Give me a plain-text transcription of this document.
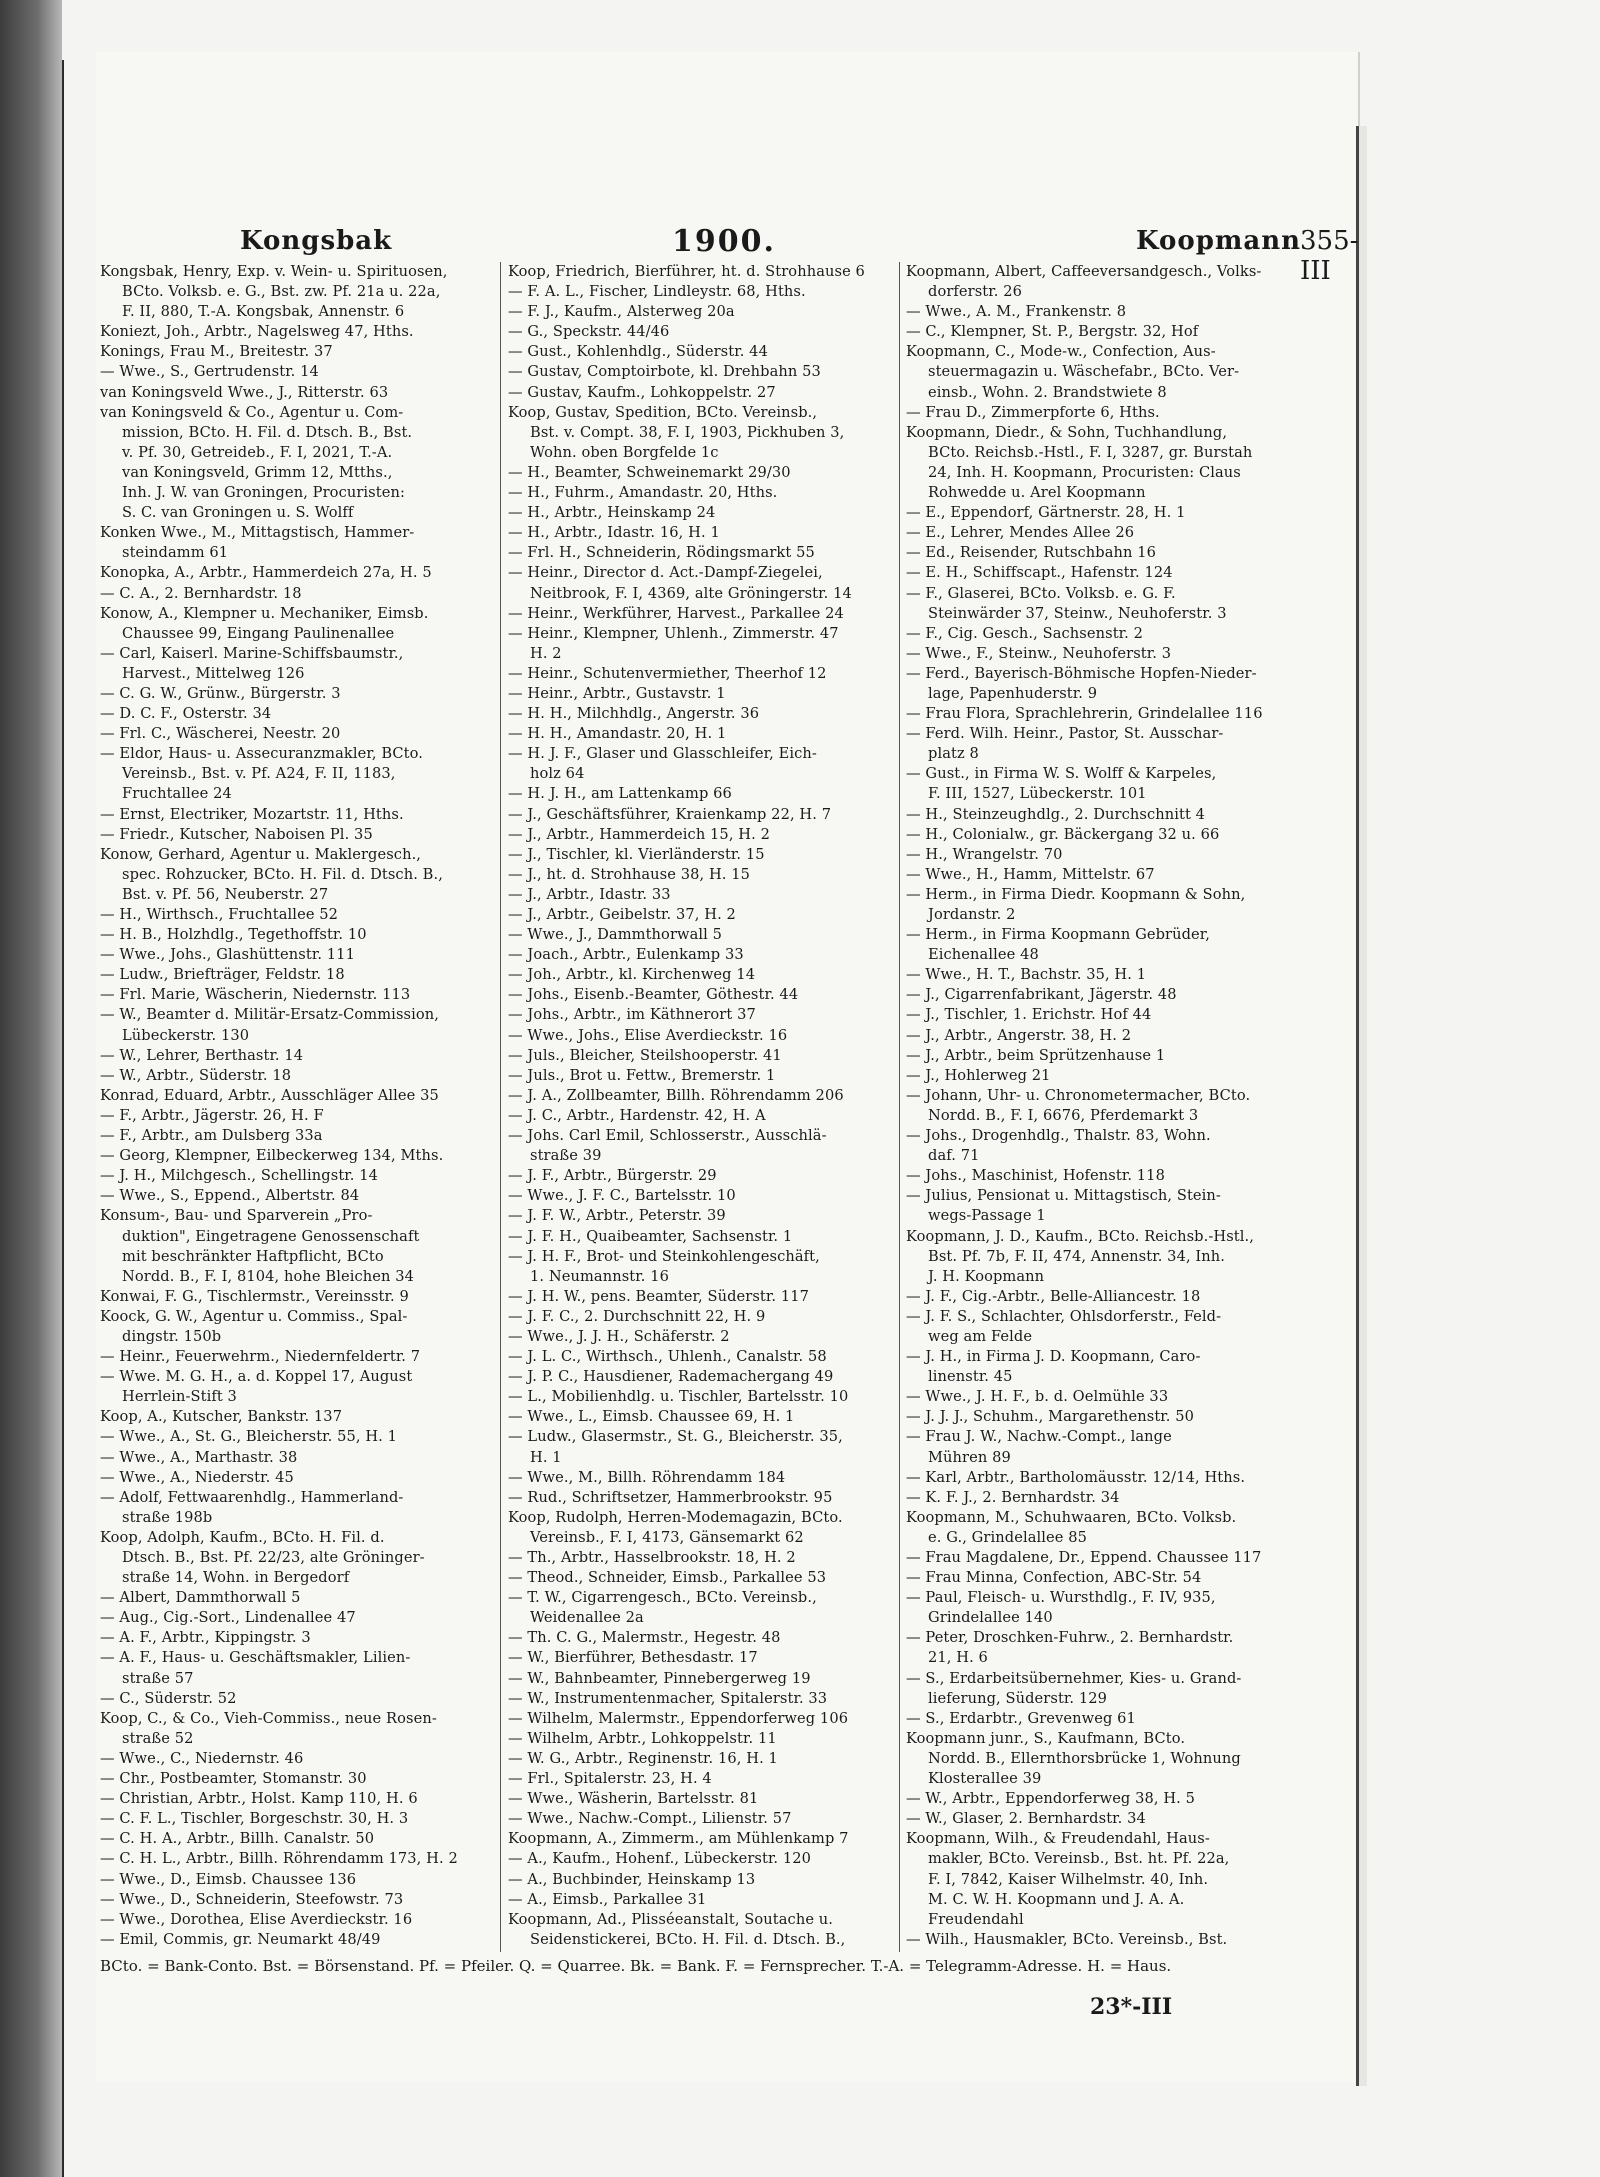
Kongsbak	1900.	Koopmann
355-III
Kongsbak, Henry, Exp. v. Wein- u. Spirituosen,
BCto. Volksb. e. G., Bst. zw. Pf. 21a u. 22a,
F. II, 880, T.-A. Kongsbak, Annenstr. 6
Koniezt, Joh., Arbtr., Nagelsweg 47, Hths.
Konings, Frau M., Breitestr. 37
— Wwe., S., Gertrudenstr. 14
van Koningsveld Wwe., J., Ritterstr. 63
van Koningsveld & Co., Agentur u. Com-
mission, BCto. H. Fil. d. Dtsch. B., Bst.
v. Pf. 30, Getreideb., F. I, 2021, T.-A.
van Koningsveld, Grimm 12, Mtths.,
Inh. J. W. van Groningen, Procuristen:
S. C. van Groningen u. S. Wolff
Konken Wwe., M., Mittagstisch, Hammer-
steindamm 61
Konopka, A., Arbtr., Hammerdeich 27a, H. 5
— C. A., 2. Bernhardstr. 18
Konow, A., Klempner u. Mechaniker, Eimsb.
Chaussee 99, Eingang Paulinenallee
— Carl, Kaiserl. Marine-Schiffsbaumstr.,
Harvest., Mittelweg 126
— C. G. W., Grünw., Bürgerstr. 3
— D. C. F., Osterstr. 34
— Frl. C., Wäscherei, Neestr. 20
— Eldor, Haus- u. Assecuranzmakler, BCto.
Vereinsb., Bst. v. Pf. A24, F. II, 1183,
Fruchtallee 24
— Ernst, Electriker, Mozartstr. 11, Hths.
— Friedr., Kutscher, Naboisen Pl. 35
Konow, Gerhard, Agentur u. Maklergesch.,
spec. Rohzucker, BCto. H. Fil. d. Dtsch. B.,
Bst. v. Pf. 56, Neuberstr. 27
— H., Wirthsch., Fruchtallee 52
— H. B., Holzhdlg., Tegethoffstr. 10
— Wwe., Johs., Glashüttenstr. 111
— Ludw., Briefträger, Feldstr. 18
— Frl. Marie, Wäscherin, Niedernstr. 113
— W., Beamter d. Militär-Ersatz-Commission,
Lübeckerstr. 130
— W., Lehrer, Berthastr. 14
— W., Arbtr., Süderstr. 18
Konrad, Eduard, Arbtr., Ausschläger Allee 35
— F., Arbtr., Jägerstr. 26, H. F
— F., Arbtr., am Dulsberg 33a
— Georg, Klempner, Eilbeckerweg 134, Mths.
— J. H., Milchgesch., Schellingstr. 14
— Wwe., S., Eppend., Albertstr. 84
Konsum-, Bau- und Sparverein „Pro-
duktion", Eingetragene Genossenschaft
mit beschränkter Haftpflicht, BCto
Nordd. B., F. I, 8104, hohe Bleichen 34
Konwai, F. G., Tischlermstr., Vereinsstr. 9
Koock, G. W., Agentur u. Commiss., Spal-
dingstr. 150b
— Heinr., Feuerwehrm., Niedernfeldertr. 7
— Wwe. M. G. H., a. d. Koppel 17, August
Herrlein-Stift 3
Koop, A., Kutscher, Bankstr. 137
— Wwe., A., St. G., Bleicherstr. 55, H. 1
— Wwe., A., Marthastr. 38
— Wwe., A., Niederstr. 45
— Adolf, Fettwaarenhdlg., Hammerland-
straße 198b
Koop, Adolph, Kaufm., BCto. H. Fil. d.
Dtsch. B., Bst. Pf. 22/23, alte Gröninger-
straße 14, Wohn. in Bergedorf
— Albert, Dammthorwall 5
— Aug., Cig.-Sort., Lindenallee 47
— A. F., Arbtr., Kippingstr. 3
— A. F., Haus- u. Geschäftsmakler, Lilien-
straße 57
— C., Süderstr. 52
Koop, C., & Co., Vieh-Commiss., neue Rosen-
straße 52
— Wwe., C., Niedernstr. 46
— Chr., Postbeamter, Stomanstr. 30
— Christian, Arbtr., Holst. Kamp 110, H. 6
— C. F. L., Tischler, Borgeschstr. 30, H. 3
— C. H. A., Arbtr., Billh. Canalstr. 50
— C. H. L., Arbtr., Billh. Röhrendamm 173, H. 2
— Wwe., D., Eimsb. Chaussee 136
— Wwe., D., Schneiderin, Steefowstr. 73
— Wwe., Dorothea, Elise Averdieckstr. 16
— Emil, Commis, gr. Neumarkt 48/49
Koop, Friedrich, Bierführer, ht. d. Strohhause 6
— F. A. L., Fischer, Lindleystr. 68, Hths.
— F. J., Kaufm., Alsterweg 20a
— G., Speckstr. 44/46
— Gust., Kohlenhdlg., Süderstr. 44
— Gustav, Comptoirbote, kl. Drehbahn 53
— Gustav, Kaufm., Lohkoppelstr. 27
Koop, Gustav, Spedition, BCto. Vereinsb.,
Bst. v. Compt. 38, F. I, 1903, Pickhuben 3,
Wohn. oben Borgfelde 1c
— H., Beamter, Schweinemarkt 29/30
— H., Fuhrm., Amandastr. 20, Hths.
— H., Arbtr., Heinskamp 24
— H., Arbtr., Idastr. 16, H. 1
— Frl. H., Schneiderin, Rödingsmarkt 55
— Heinr., Director d. Act.-Dampf-Ziegelei,
Neitbrook, F. I, 4369, alte Gröningerstr. 14
— Heinr., Werkführer, Harvest., Parkallee 24
— Heinr., Klempner, Uhlenh., Zimmerstr. 47
H. 2
— Heinr., Schutenvermiether, Theerhof 12
— Heinr., Arbtr., Gustavstr. 1
— H. H., Milchhdlg., Angerstr. 36
— H. H., Amandastr. 20, H. 1
— H. J. F., Glaser und Glasschleifer, Eich-
holz 64
— H. J. H., am Lattenkamp 66
— J., Geschäftsführer, Kraienkamp 22, H. 7
— J., Arbtr., Hammerdeich 15, H. 2
— J., Tischler, kl. Vierländerstr. 15
— J., ht. d. Strohhause 38, H. 15
— J., Arbtr., Idastr. 33
— J., Arbtr., Geibelstr. 37, H. 2
— Wwe., J., Dammthorwall 5
— Joach., Arbtr., Eulenkamp 33
— Joh., Arbtr., kl. Kirchenweg 14
— Johs., Eisenb.-Beamter, Göthestr. 44
— Johs., Arbtr., im Käthnerort 37
— Wwe., Johs., Elise Averdieckstr. 16
— Juls., Bleicher, Steilshooperstr. 41
— Juls., Brot u. Fettw., Bremerstr. 1
— J. A., Zollbeamter, Billh. Röhrendamm 206
— J. C., Arbtr., Hardenstr. 42, H. A
— Johs. Carl Emil, Schlosserstr., Ausschlä-
straße 39
— J. F., Arbtr., Bürgerstr. 29
— Wwe., J. F. C., Bartelsstr. 10
— J. F. W., Arbtr., Peterstr. 39
— J. F. H., Quaibeamter, Sachsenstr. 1
— J. H. F., Brot- und Steinkohlengeschäft,
1. Neumannstr. 16
— J. H. W., pens. Beamter, Süderstr. 117
— J. F. C., 2. Durchschnitt 22, H. 9
— Wwe., J. J. H., Schäferstr. 2
— J. L. C., Wirthsch., Uhlenh., Canalstr. 58
— J. P. C., Hausdiener, Rademachergang 49
— L., Mobilienhdlg. u. Tischler, Bartelsstr. 10
— Wwe., L., Eimsb. Chaussee 69, H. 1
— Ludw., Glasermstr., St. G., Bleicherstr. 35,
H. 1
— Wwe., M., Billh. Röhrendamm 184
— Rud., Schriftsetzer, Hammerbrookstr. 95
Koop, Rudolph, Herren-Modemagazin, BCto.
Vereinsb., F. I, 4173, Gänsemarkt 62
— Th., Arbtr., Hasselbrookstr. 18, H. 2
— Theod., Schneider, Eimsb., Parkallee 53
— T. W., Cigarrengesch., BCto. Vereinsb.,
Weidenallee 2a
— Th. C. G., Malermstr., Hegestr. 48
— W., Bierführer, Bethesdastr. 17
— W., Bahnbeamter, Pinnebergerweg 19
— W., Instrumentenmacher, Spitalerstr. 33
— Wilhelm, Malermstr., Eppendorferweg 106
— Wilhelm, Arbtr., Lohkoppelstr. 11
— W. G., Arbtr., Reginenstr. 16, H. 1
— Frl., Spitalerstr. 23, H. 4
— Wwe., Wäsherin, Bartelsstr. 81
— Wwe., Nachw.-Compt., Lilienstr. 57
Koopmann, A., Zimmerm., am Mühlenkamp 7
— A., Kaufm., Hohenf., Lübeckerstr. 120
— A., Buchbinder, Heinskamp 13
— A., Eimsb., Parkallee 31
Koopmann, Ad., Plisséeanstalt, Soutache u.
Seidenstickerei, BCto. H. Fil. d. Dtsch. B.,
Koopmann, Albert, Caffeeversandgesch., Volks-
dorferstr. 26
— Wwe., A. M., Frankenstr. 8
— C., Klempner, St. P., Bergstr. 32, Hof
Koopmann, C., Mode-w., Confection, Aus-
steuermagazin u. Wäschefabr., BCto. Ver-
einsb., Wohn. 2. Brandstwiete 8
— Frau D., Zimmerpforte 6, Hths.
Koopmann, Diedr., & Sohn, Tuchhandlung,
BCto. Reichsb.-Hstl., F. I, 3287, gr. Burstah
24, Inh. H. Koopmann, Procuristen: Claus
Rohwedde u. Arel Koopmann
— E., Eppendorf, Gärtnerstr. 28, H. 1
— E., Lehrer, Mendes Allee 26
— Ed., Reisender, Rutschbahn 16
— E. H., Schiffscapt., Hafenstr. 124
— F., Glaserei, BCto. Volksb. e. G. F.
Steinwärder 37, Steinw., Neuhoferstr. 3
— F., Cig. Gesch., Sachsenstr. 2
— Wwe., F., Steinw., Neuhoferstr. 3
— Ferd., Bayerisch-Böhmische Hopfen-Nieder-
lage, Papenhuderstr. 9
— Frau Flora, Sprachlehrerin, Grindelallee 116
— Ferd. Wilh. Heinr., Pastor, St. Ausschar-
platz 8
— Gust., in Firma W. S. Wolff & Karpeles,
F. III, 1527, Lübeckerstr. 101
— H., Steinzeughdlg., 2. Durchschnitt 4
— H., Colonialw., gr. Bäckergang 32 u. 66
— H., Wrangelstr. 70
— Wwe., H., Hamm, Mittelstr. 67
— Herm., in Firma Diedr. Koopmann & Sohn,
Jordanstr. 2
— Herm., in Firma Koopmann Gebrüder,
Eichenallee 48
— Wwe., H. T., Bachstr. 35, H. 1
— J., Cigarrenfabrikant, Jägerstr. 48
— J., Tischler, 1. Erichstr. Hof 44
— J., Arbtr., Angerstr. 38, H. 2
— J., Arbtr., beim Sprützenhause 1
— J., Hohlerweg 21
— Johann, Uhr- u. Chronometermacher, BCto.
Nordd. B., F. I, 6676, Pferdemarkt 3
— Johs., Drogenhdlg., Thalstr. 83, Wohn.
daf. 71
— Johs., Maschinist, Hofenstr. 118
— Julius, Pensionat u. Mittagstisch, Stein-
wegs-Passage 1
Koopmann, J. D., Kaufm., BCto. Reichsb.-Hstl.,
Bst. Pf. 7b, F. II, 474, Annenstr. 34, Inh.
J. H. Koopmann
— J. F., Cig.-Arbtr., Belle-Alliancestr. 18
— J. F. S., Schlachter, Ohlsdorferstr., Feld-
weg am Felde
— J. H., in Firma J. D. Koopmann, Caro-
linenstr. 45
— Wwe., J. H. F., b. d. Oelmühle 33
— J. J. J., Schuhm., Margarethenstr. 50
— Frau J. W., Nachw.-Compt., lange
Mühren 89
— Karl, Arbtr., Bartholomäusstr. 12/14, Hths.
— K. F. J., 2. Bernhardstr. 34
Koopmann, M., Schuhwaaren, BCto. Volksb.
e. G., Grindelallee 85
— Frau Magdalene, Dr., Eppend. Chaussee 117
— Frau Minna, Confection, ABC-Str. 54
— Paul, Fleisch- u. Wursthdlg., F. IV, 935,
Grindelallee 140
— Peter, Droschken-Fuhrw., 2. Bernhardstr.
21, H. 6
— S., Erdarbeitsübernehmer, Kies- u. Grand-
lieferung, Süderstr. 129
— S., Erdarbtr., Grevenweg 61
Koopmann junr., S., Kaufmann, BCto.
Nordd. B., Ellernthorsbrücke 1, Wohnung
Klosterallee 39
— W., Arbtr., Eppendorferweg 38, H. 5
— W., Glaser, 2. Bernhardstr. 34
Koopmann, Wilh., & Freudendahl, Haus-
makler, BCto. Vereinsb., Bst. ht. Pf. 22a,
F. I, 7842, Kaiser Wilhelmstr. 40, Inh.
M. C. W. H. Koopmann und J. A. A.
Freudendahl
— Wilh., Hausmakler, BCto. Vereinsb., Bst.
BCto. = Bank-Conto. Bst. = Börsenstand. Pf. = Pfeiler. Q. = Quarree. Bk. = Bank. F. = Fernsprecher. T.-A. = Telegramm-Adresse. H. = Haus.
23*-III
